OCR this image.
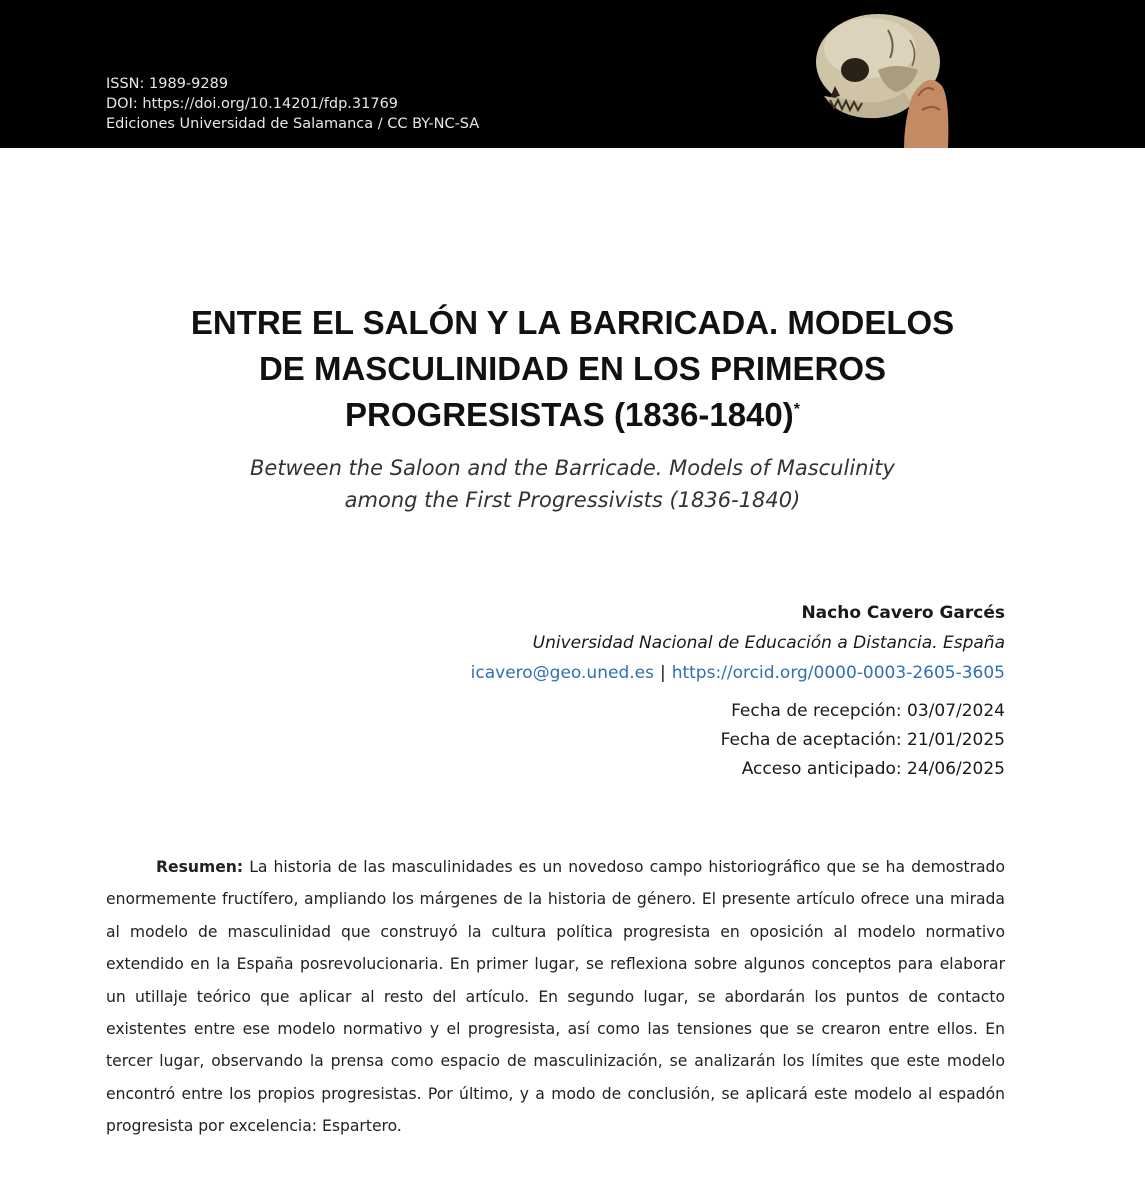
ISSN: 1989-9289
DOI: https://doi.org/10.14201/fdp.31769
Ediciones Universidad de Salamanca / CC BY-NC-SA
ENTRE EL SALÓN Y LA BARRICADA. MODELOS
DE MASCULINIDAD EN LOS PRIMEROS
PROGRESISTAS (1836-1840)*
Between the Saloon and the Barricade. Models of Masculinity
among the First Progressivists (1836-1840)
Nacho Cavero Garcés
Universidad Nacional de Educación a Distancia. España
icavero@geo.uned.es | https://orcid.org/0000-0003-2605-3605
Fecha de recepción: 03/07/2024
Fecha de aceptación: 21/01/2025
Acceso anticipado: 24/06/2025
Resumen: La historia de las masculinidades es un novedoso campo historiográfico que se ha demostrado enormemente fructífero, ampliando los márgenes de la historia de género. El presente artículo ofrece una mirada al modelo de masculinidad que construyó la cultura política progresista en oposición al modelo normativo extendido en la España posrevolucionaria. En primer lugar, se reflexiona sobre algunos conceptos para elaborar un utillaje teórico que aplicar al resto del artículo. En segundo lugar, se abordarán los puntos de contacto existentes entre ese modelo normativo y el progresista, así como las tensiones que se crearon entre ellos. En tercer lugar, observando la prensa como espacio de masculinización, se analizarán los límites que este modelo encontró entre los propios progresistas. Por último, y a modo de conclusión, se aplicará este modelo al espadón progresista por excelencia: Espartero.
